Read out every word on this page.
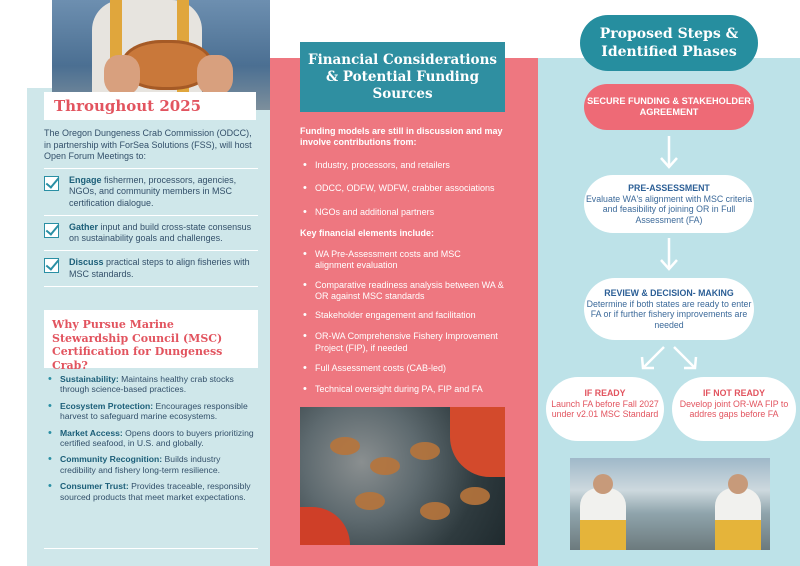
Throughout 2025

The Oregon Dungeness Crab Commission (ODCC), in partnership with ForSea Solutions (FSS), will host Open Forum Meetings to:

Engage fishermen, processors, agencies, NGOs, and community members in MSC certification dialogue.
Gather input and build cross-state consensus on sustainability goals and challenges.
Discuss practical steps to align fisheries with MSC standards.
Why Pursue Marine Stewardship Council (MSC) Certification for Dungeness Crab?
• Sustainability: Maintains healthy crab stocks through science-based practices.
• Ecosystem Protection: Encourages responsible harvest to safeguard marine ecosystems.
• Market Access: Opens doors to buyers prioritizing certified seafood, in U.S. and globally.
• Community Recognition: Builds industry credibility and fishery long-term resilience.
• Consumer Trust: Provides traceable, responsibly sourced products that meet market expectations.
Financial Considerations & Potential Funding Sources

Funding models are still in discussion and may involve contributions from:

• Industry, processors, and retailers
• ODCC, ODFW, WDFW, crabber associations
• NGOs and additional partners

Key financial elements include:

• WA Pre-Assessment costs and MSC alignment evaluation
• Comparative readiness analysis between WA & OR against MSC standards
• Stakeholder engagement and facilitation
• OR-WA Comprehensive Fishery Improvement Project (FIP), if needed
• Full Assessment costs (CAB-led)
• Technical oversight during PA, FIP and FA
Proposed Steps & Identified Phases
SECURE FUNDING & STAKEHOLDER AGREEMENT
PRE-ASSESSMENT
Evaluate WA's alignment with MSC criteria and feasibility of joining OR in Full Assessment (FA)
REVIEW & DECISION- MAKING
Determine if both states are ready to enter FA or if further fishery improvements are needed
IF READY
Launch FA before Fall 2027 under v2.01 MSC Standard
IF NOT READY
Develop joint OR-WA FIP to addres gaps before FA
